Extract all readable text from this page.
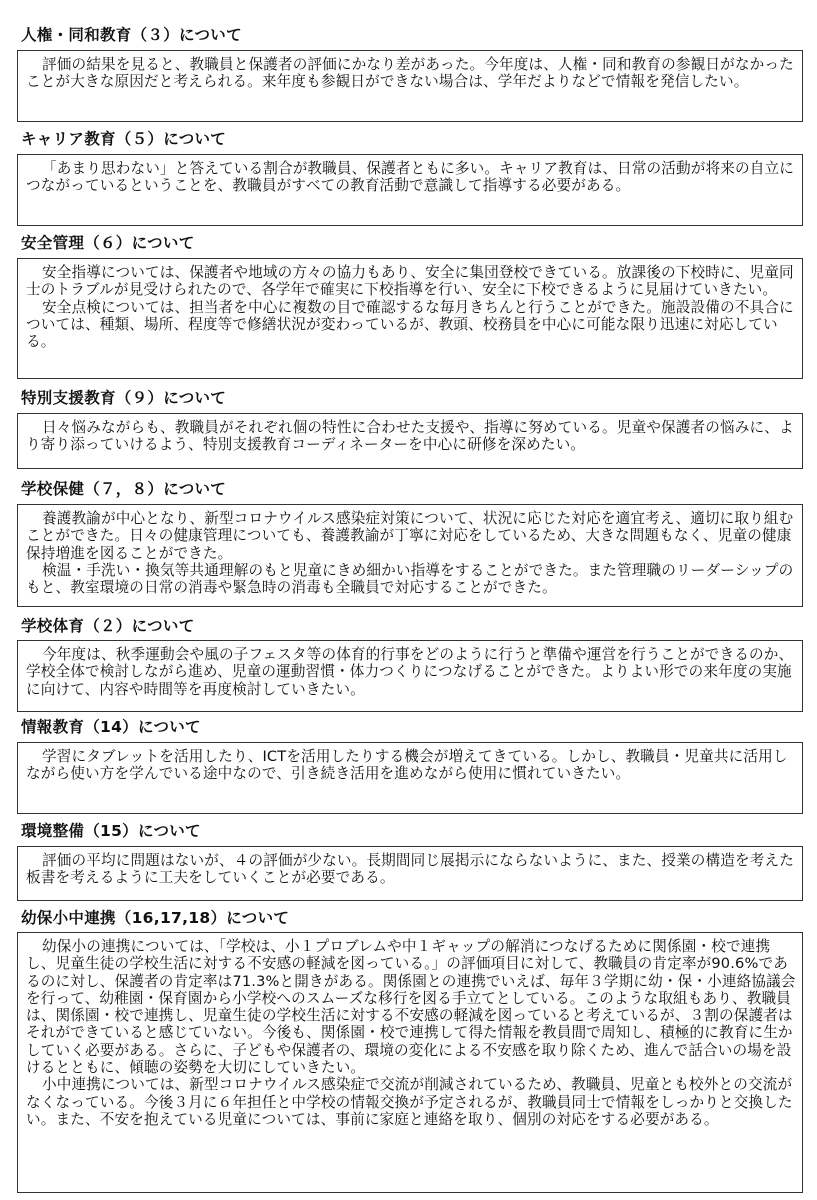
人権・同和教育（３）について

評価の結果を見ると、教職員と保護者の評価にかなり差があった。今年度は、人権・同和教育の参観日がなかったことが大きな原因だと考えられる。来年度も参観日ができない場合は、学年だよりなどで情報を発信したい。

キャリア教育（５）について

「あまり思わない」と答えている割合が教職員、保護者ともに多い。キャリア教育は、日常の活動が将来の自立につながっているということを、教職員がすべての教育活動で意識して指導する必要がある。

安全管理（６）について

安全指導については、保護者や地域の方々の協力もあり、安全に集団登校できている。放課後の下校時に、児童同士のトラブルが見受けられたので、各学年で確実に下校指導を行い、安全に下校できるように見届けていきたい。

安全点検については、担当者を中心に複数の目で確認するな毎月きちんと行うことができた。施設設備の不具合については、種類、場所、程度等で修繕状況が変わっているが、教頭、校務員を中心に可能な限り迅速に対応している。

特別支援教育（９）について

日々悩みながらも、教職員がそれぞれ個の特性に合わせた支援や、指導に努めている。児童や保護者の悩みに、より寄り添っていけるよう、特別支援教育コーディネーターを中心に研修を深めたい。

学校保健（７，８）について

養護教諭が中心となり、新型コロナウイルス感染症対策について、状況に応じた対応を適宜考え、適切に取り組むことができた。日々の健康管理についても、養護教諭が丁寧に対応をしているため、大きな問題もなく、児童の健康保持増進を図ることができた。

検温・手洗い・換気等共通理解のもと児童にきめ細かい指導をすることができた。また管理職のリーダーシップのもと、教室環境の日常の消毒や緊急時の消毒も全職員で対応することができた。

学校体育（２）について

今年度は、秋季運動会や風の子フェスタ等の体育的行事をどのように行うと準備や運営を行うことができるのか、学校全体で検討しながら進め、児童の運動習慣・体力つくりにつなげることができた。よりよい形での来年度の実施に向けて、内容や時間等を再度検討していきたい。

情報教育（14）について

学習にタブレットを活用したり、ICTを活用したりする機会が増えてきている。しかし、教職員・児童共に活用しながら使い方を学んでいる途中なので、引き続き活用を進めながら使用に慣れていきたい。

環境整備（15）について

評価の平均に問題はないが、４の評価が少ない。長期間同じ展掲示にならないように、また、授業の構造を考えた板書を考えるように工夫をしていくことが必要である。

幼保小中連携（16,17,18）について

幼保小の連携については、「学校は、小１プロブレムや中１ギャップの解消につなげるために関係園・校で連携し、児童生徒の学校生活に対する不安感の軽減を図っている。」の評価項目に対して、教職員の肯定率が90.6%であるのに対し、保護者の肯定率は71.3%と開きがある。関係園との連携でいえば、毎年３学期に幼・保・小連絡協議会を行って、幼稚園・保育園から小学校へのスムーズな移行を図る手立てとしている。このような取組もあり、教職員は、関係園・校で連携し、児童生徒の学校生活に対する不安感の軽減を図っていると考えているが、３割の保護者はそれができていると感じていない。今後も、関係園・校で連携して得た情報を教員間で周知し、積極的に教育に生かしていく必要がある。さらに、子どもや保護者の、環境の変化による不安感を取り除くため、進んで話合いの場を設けるとともに、傾聴の姿勢を大切にしていきたい。

小中連携については、新型コロナウイルス感染症で交流が削減されているため、教職員、児童とも校外との交流がなくなっている。今後３月に６年担任と中学校の情報交換が予定されるが、教職員同士で情報をしっかりと交換したい。また、不安を抱えている児童については、事前に家庭と連絡を取り、個別の対応をする必要がある。
